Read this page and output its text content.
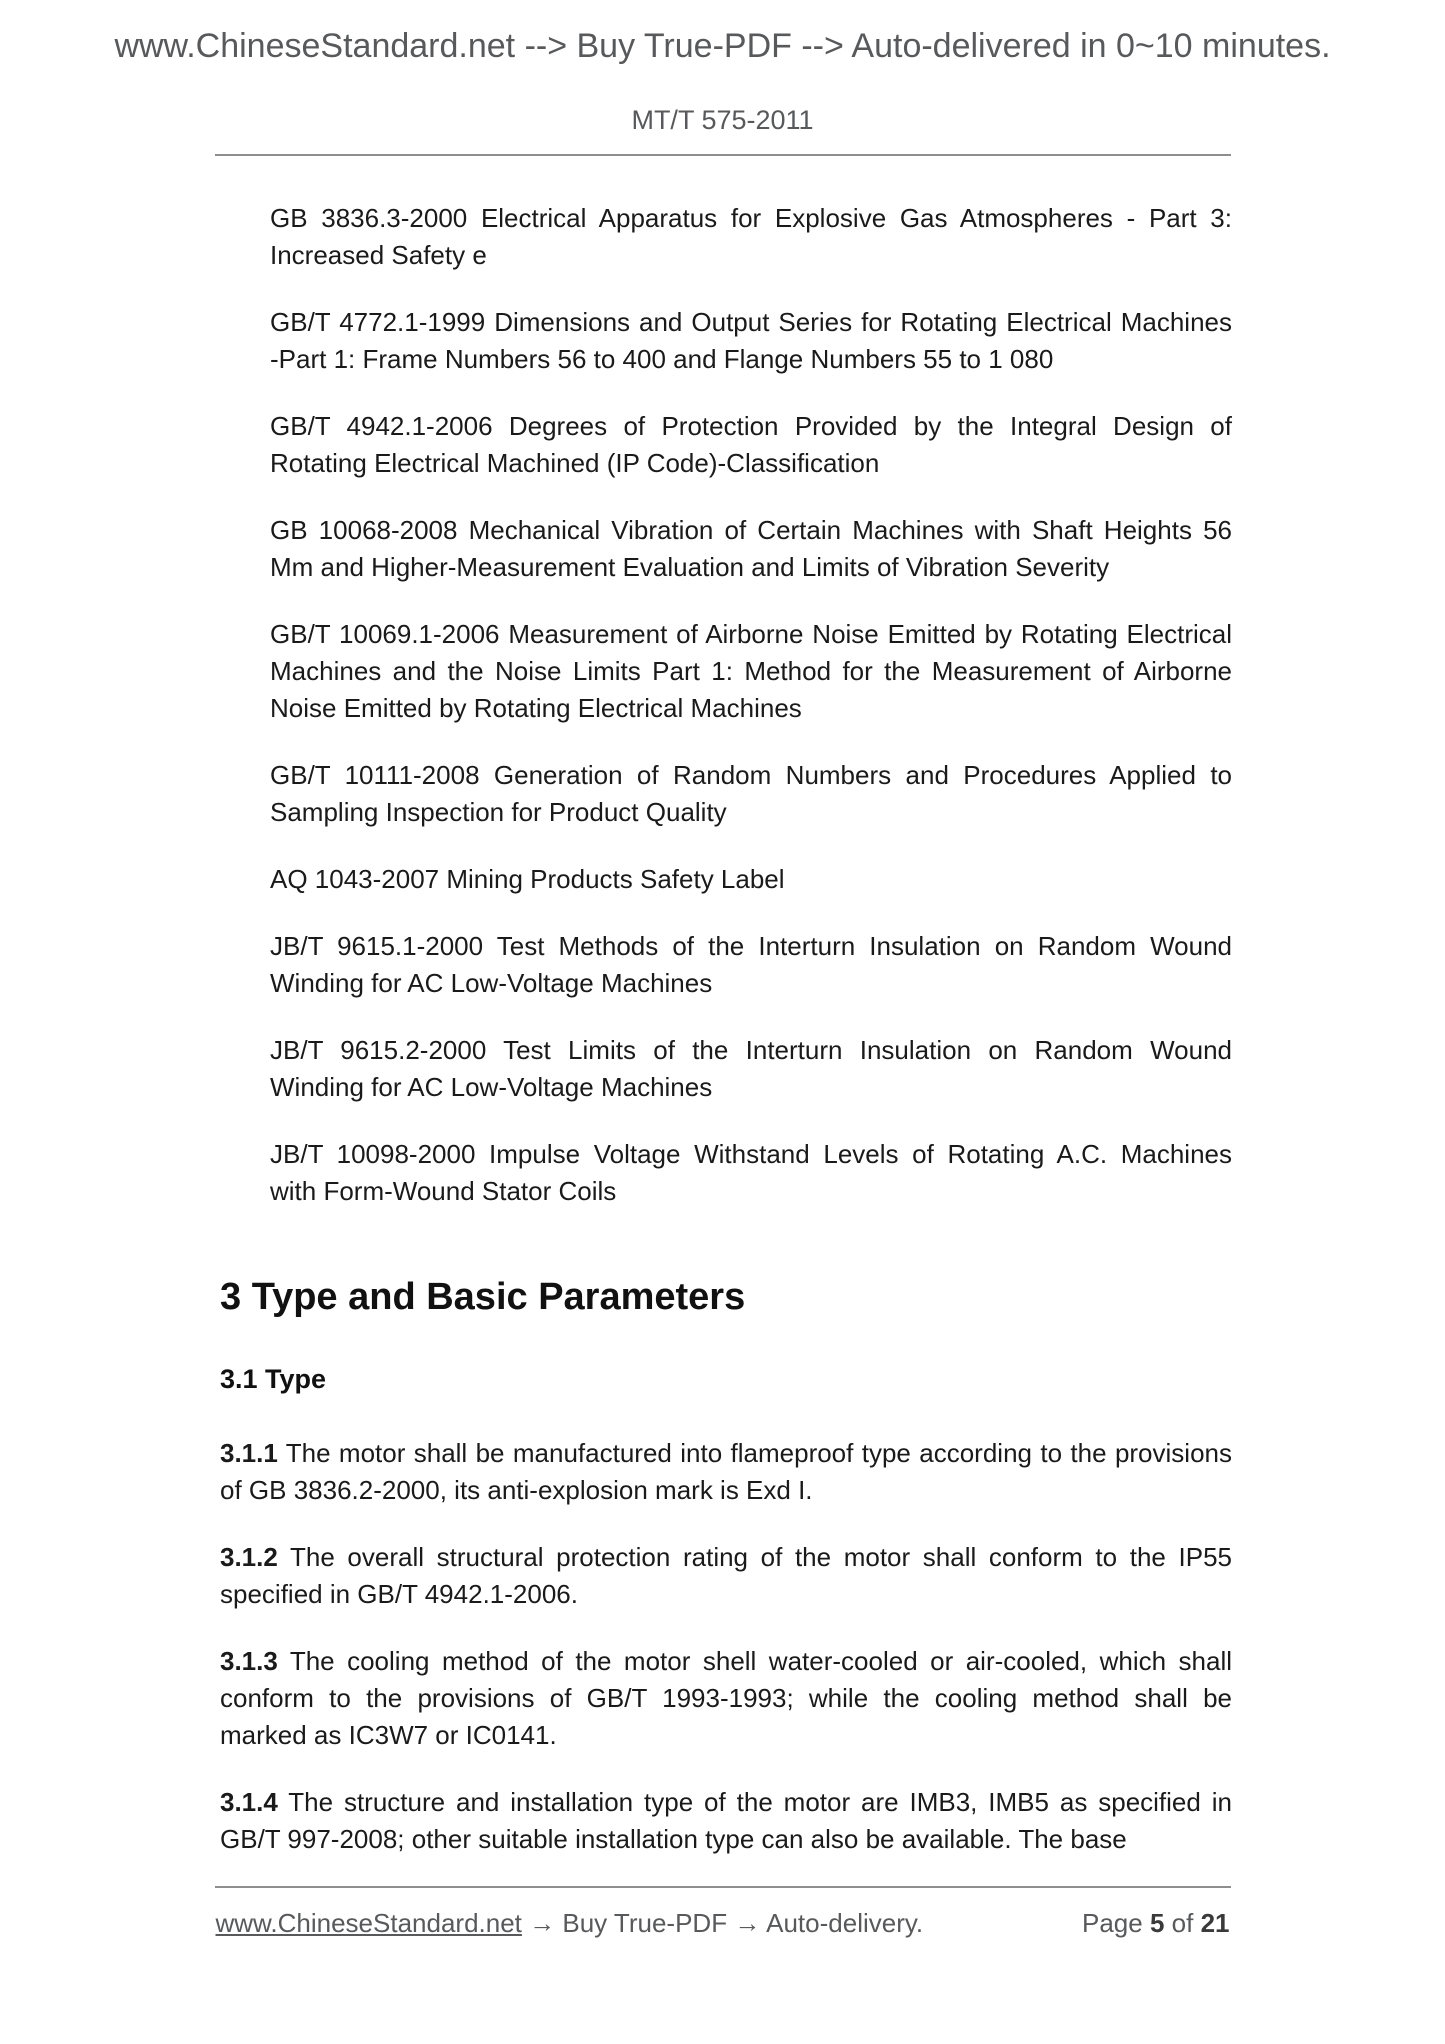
www.ChineseStandard.net --> Buy True-PDF --> Auto-delivered in 0~10 minutes.
MT/T 575-2011
GB 3836.3-2000 Electrical Apparatus for Explosive Gas Atmospheres - Part 3:
Increased Safety e
GB/T 4772.1-1999 Dimensions and Output Series for Rotating Electrical Machines
-Part 1: Frame Numbers 56 to 400 and Flange Numbers 55 to 1 080
GB/T 4942.1-2006 Degrees of Protection Provided by the Integral Design of
Rotating Electrical Machined (IP Code)-Classification
GB 10068-2008 Mechanical Vibration of Certain Machines with Shaft Heights 56
Mm and Higher-Measurement Evaluation and Limits of Vibration Severity
GB/T 10069.1-2006 Measurement of Airborne Noise Emitted by Rotating Electrical
Machines and the Noise Limits Part 1: Method for the Measurement of Airborne
Noise Emitted by Rotating Electrical Machines
GB/T 10111-2008 Generation of Random Numbers and Procedures Applied to
Sampling Inspection for Product Quality
AQ 1043-2007 Mining Products Safety Label
JB/T 9615.1-2000 Test Methods of the Interturn Insulation on Random Wound
Winding for AC Low-Voltage Machines
JB/T 9615.2-2000 Test Limits of the Interturn Insulation on Random Wound
Winding for AC Low-Voltage Machines
JB/T 10098-2000 Impulse Voltage Withstand Levels of Rotating A.C. Machines
with Form-Wound Stator Coils
3 Type and Basic Parameters
3.1 Type
3.1.1 The motor shall be manufactured into flameproof type according to the provisions
of GB 3836.2-2000, its anti-explosion mark is Exd I.
3.1.2 The overall structural protection rating of the motor shall conform to the IP55
specified in GB/T 4942.1-2006.
3.1.3 The cooling method of the motor shell water-cooled or air-cooled, which shall
conform to the provisions of GB/T 1993-1993; while the cooling method shall be
marked as IC3W7 or IC0141.
3.1.4 The structure and installation type of the motor are IMB3, IMB5 as specified in
GB/T 997-2008; other suitable installation type can also be available. The base
www.ChineseStandard.net → Buy True-PDF → Auto-delivery.	Page 5 of 21
